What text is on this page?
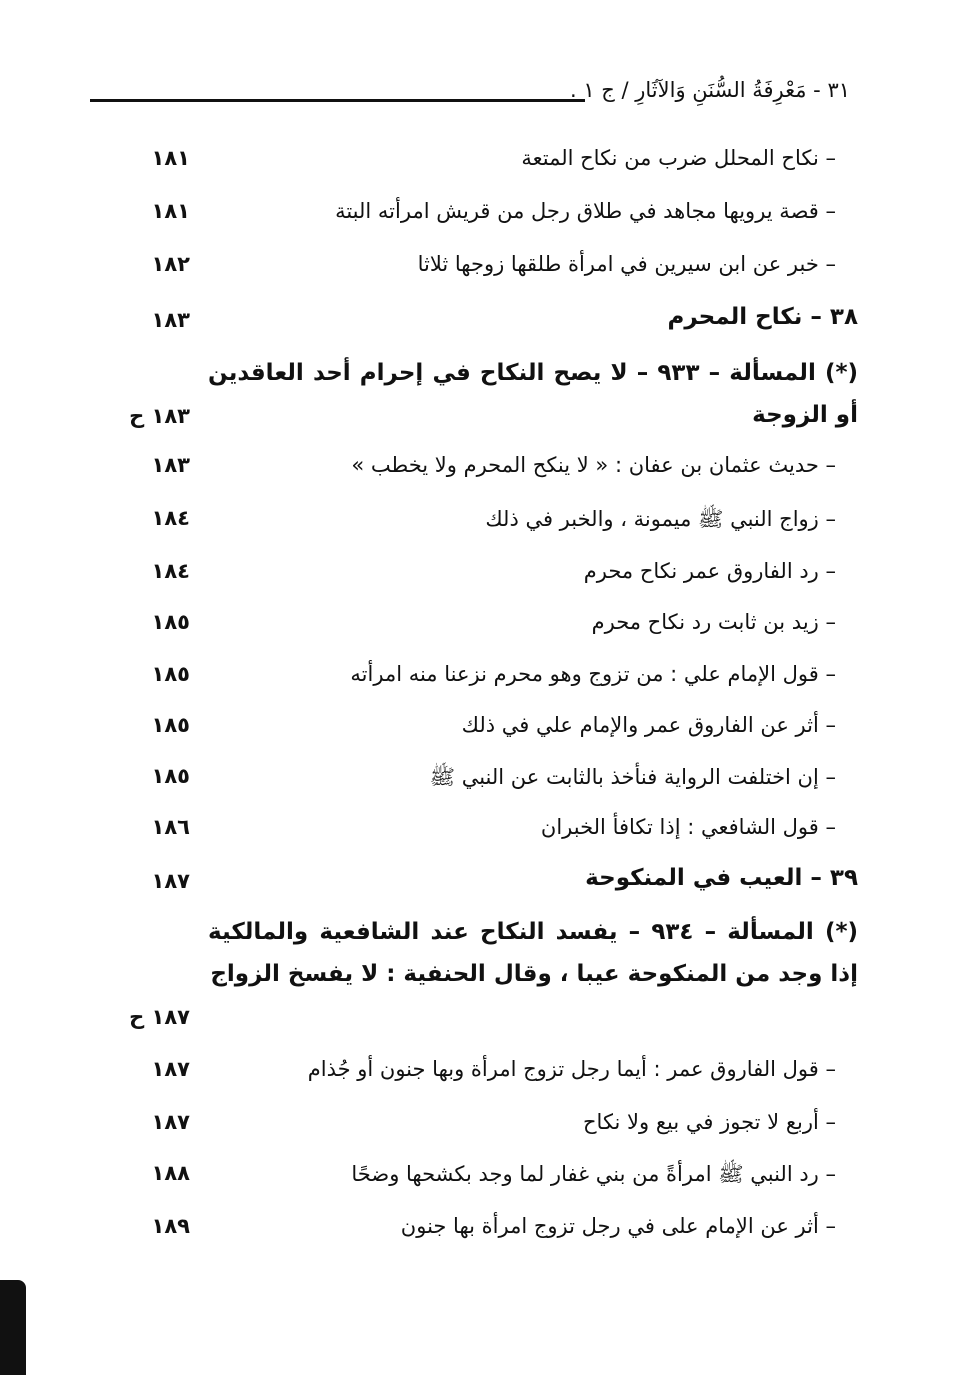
٣١ - مَعْرِفَةُ السُّنَنِ وَالآثَارِ / ج ١ .
– نكاح المحلل ضرب من نكاح المتعة
١٨١
– قصة يرويها مجاهد في طلاق رجل من قريش امرأته البتة
١٨١
– خبر عن ابن سيرين في امرأة طلقها زوجها ثلاثا
١٨٢
٣٨ – نكاح المحرم
١٨٣
(*) المسألة – ٩٣٣ – لا يصح النكاح في إحرام أحد العاقدين أو الزوجة
١٨٣ ح
– حديث عثمان بن عفان : « لا ينكح المحرم ولا يخطب »
١٨٣
– زواج النبي ﷺ ميمونة ، والخبر في ذلك
١٨٤
– رد الفاروق عمر نكاح محرم
١٨٤
– زيد بن ثابت رد نكاح محرم
١٨٥
– قول الإمام علي : من تزوج وهو محرم نزعنا منه امرأته
١٨٥
– أثر عن الفاروق عمر والإمام علي في ذلك
١٨٥
– إن اختلفت الرواية فنأخذ بالثابت عن النبي ﷺ
١٨٥
– قول الشافعي : إذا تكافأ الخبران
١٨٦
٣٩ – العيب في المنكوحة
١٨٧
(*) المسألة – ٩٣٤ – يفسد النكاح عند الشافعية والمالكية إذا وجد من المنكوحة عيبا ، وقال الحنفية : لا يفسخ الزواج
١٨٧ ح
– قول الفاروق عمر : أيما رجل تزوج امرأة وبها جنون أو جُذام
١٨٧
– أربع لا تجوز في بيع ولا نكاح
١٨٧
– رد النبي ﷺ امرأةً من بني غفار لما وجد بكشحها وضحًا
١٨٨
– أثر عن الإمام على في رجل تزوج امرأة بها جنون
١٨٩
